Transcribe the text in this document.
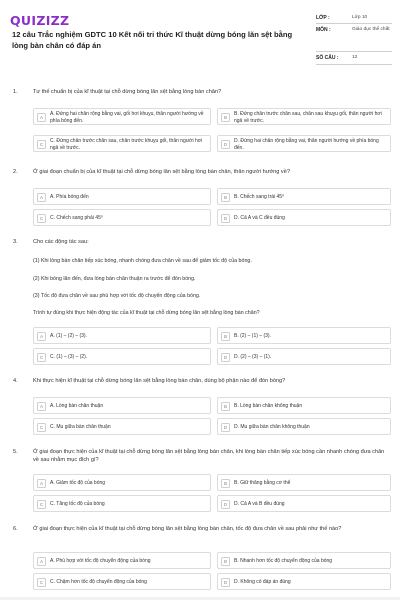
QUIZIZZ
12 câu Trắc nghiệm GDTC 10 Kết nối tri thức Kĩ thuật dừng bóng lăn sệt bằng lòng bàn chân có đáp án
LỚP :	Lớp 10
MÔN :	Giáo dục thể chất
SỐ CÂU :	12
1.	Tư thế chuẩn bị của kĩ thuật tại chỗ dừng bóng lăn sệt bằng lòng bàn chân?
A	A. Đứng hai chân rộng bằng vai, gối hơi khuỵu, thân người hướng về phía bóng đến.
B	B. Đứng chân trước chân sau, chân sau khuỵu gối, thân người hơi ngả về trước.
C	C. Đứng chân trước chân sau, chân trước khuỵu gối, thân người hơi ngả về trước.
D	D. Đứng hai chân rộng bằng vai, thân người hướng về phía bóng đến.
2.	Ở giai đoạn chuẩn bị của kĩ thuật tại chỗ dừng bóng lăn sệt bằng lòng bàn chân, thân người hướng về?
A	A. Phía bóng đến	B	B. Chếch sang trái 45⁰
C	C. Chếch sang phải 45⁰	D	D. Cả A và C đều đúng
3.	Cho các động tác sau:
(1) Khi lòng bàn chân tiếp xúc bóng, nhanh chóng đưa chân về sau để giảm tốc độ của bóng.
(2) Khi bóng lăn đến, đưa lòng bàn chân thuận ra trước để đón bóng.
(3) Tốc độ đưa chân về sau phù hợp với tốc độ chuyển động của bóng.
Trình tự đúng khi thực hiện động tác của kĩ thuật tại chỗ dừng bóng lăn sệt bằng lòng bàn chân?
A	A. (1) – (2) – (3).	B	B. (2) – (1) – (3).
C	C. (1) – (3) – (2).	D	D. (2) – (3) – (1).
4.	Khi thực hiện kĩ thuật tại chỗ dừng bóng lăn sệt bằng lòng bàn chân, dùng bộ phận nào để đón bóng?
A	A. Lòng bàn chân thuận	B	B. Lòng bàn chân không thuận
C	C. Mu giữa bàn chân thuận	D	D. Mu giữa bàn chân không thuận
5.	Ở giai đoạn thực hiện của kĩ thuật tại chỗ dừng bóng lăn sệt bằng lòng bàn chân, khi lòng bàn chân tiếp xúc bóng cần nhanh chóng đưa chân về sau nhằm mục đích gì?
A	A. Giảm tốc độ của bóng	B	B. Giữ thăng bằng cơ thể
C	C. Tăng tốc độ của bóng	D	D. Cả A và B đều đúng
6.	Ở giai đoạn thực hiện của kĩ thuật tại chỗ dừng bóng lăn sệt bằng lòng bàn chân, tốc độ đưa chân về sau phải như thế nào?
A	A. Phù hợp với tốc độ chuyển động của bóng	B	B. Nhanh hơn tốc độ chuyển động của bóng
C	C. Chậm hơn tốc độ chuyển động của bóng	D	D. Không có đáp án đúng
